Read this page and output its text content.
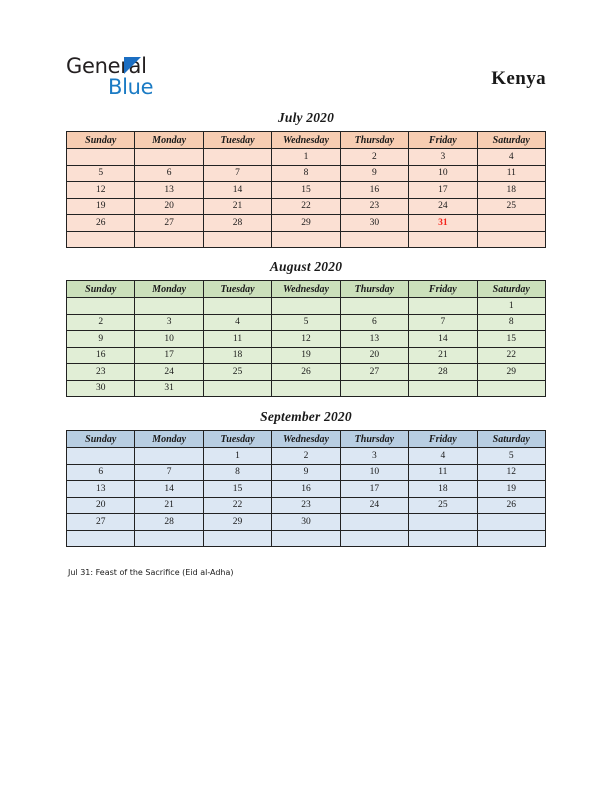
General
Blue	Kenya
July 2020
Sunday	Monday	Tuesday	Wednesday	Thursday	Friday	Saturday
			1	2	3	4
5	6	7	8	9	10	11
12	13	14	15	16	17	18
19	20	21	22	23	24	25
26	27	28	29	30	31	

August 2020
Sunday	Monday	Tuesday	Wednesday	Thursday	Friday	Saturday
						1
2	3	4	5	6	7	8
9	10	11	12	13	14	15
16	17	18	19	20	21	22
23	24	25	26	27	28	29
30	31					
September 2020
Sunday	Monday	Tuesday	Wednesday	Thursday	Friday	Saturday
		1	2	3	4	5
6	7	8	9	10	11	12
13	14	15	16	17	18	19
20	21	22	23	24	25	26
27	28	29	30			

Jul 31: Feast of the Sacrifice (Eid al-Adha)
